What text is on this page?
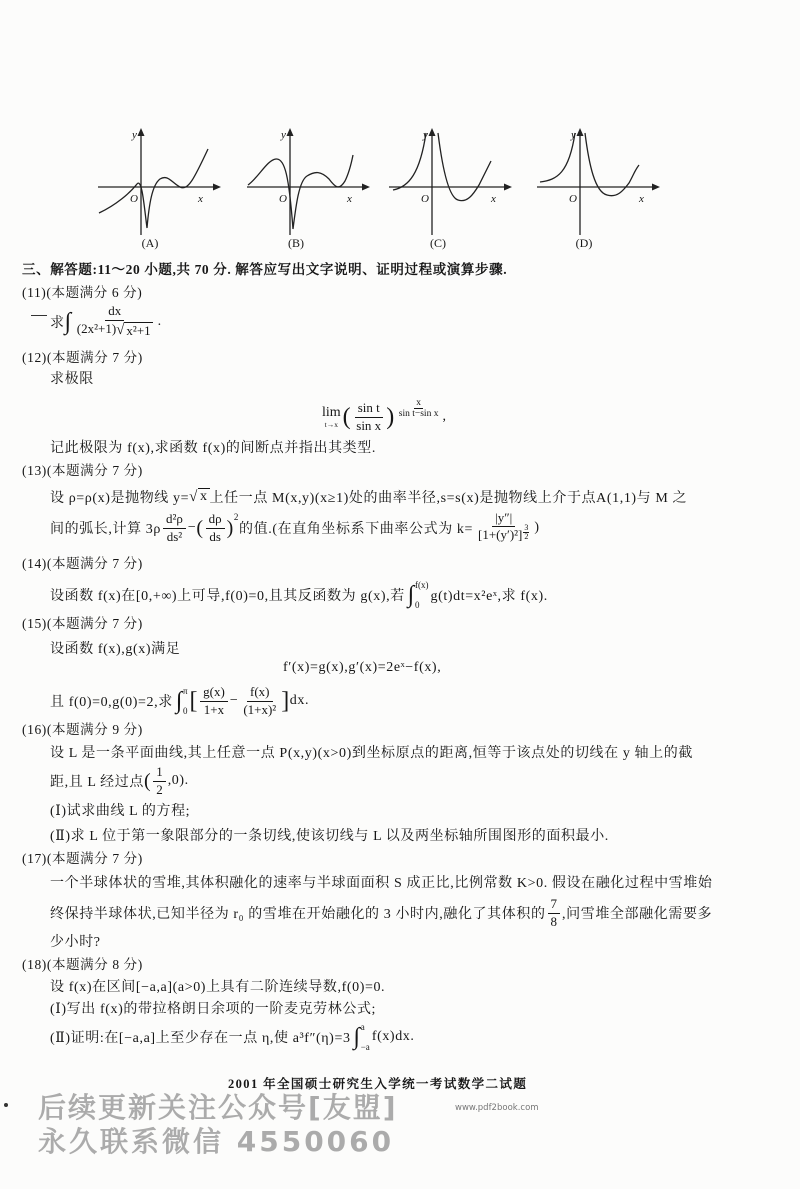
y
x
O
(A)
y
x
O
(B)
y
x
O
(C)
y
x
O
(D)
三、解答题:11～20 小题,共 70 分. 解答应写出文字说明、证明过程或演算步骤.
(11)(本题满分 6 分)
求 ∫ $\frac{dx}{\text{(2x²+1) √ x²+1}}$ .
(12)(本题满分 7 分)
求极限
lim
t→x ( $\frac{\text{sin t}}{\text{sin x}}$ ) $\frac{x}{\text{sin t−sin x}}$ ,
记此极限为 f(x),求函数 f(x)的间断点并指出其类型.
(13)(本题满分 7 分)
设 ρ=ρ(x)是抛物线 y= √ x 上任一点 M(x,y)(x≥1)处的曲率半径,s=s(x)是抛物线上介于点A(1,1)与 M 之
间的弧长,计算 $3\rho \frac{\text{d²ρ}}{\text{ds²}}$ − ( $\frac{d\rho}{ds}$ ) 2
的值.(在直角坐标系下曲率公式为 $k= \frac{|y''|}{[1+(y')^2] \frac{3}{2}}$ )
(14)(本题满分 7 分)
设函数 f(x)在[0,+∞)上可导,f(0)=0,且其反函数为 g(x),若 ∫ f(x)
0
g(t)dt=x²eˣ,求 f(x).
(15)(本题满分 7 分)
设函数 f(x),g(x)满足
f′(x)=g(x),g′(x)=2eˣ−f(x),
且 f(0)=0,g(0)=2,求 ∫ π
0 [ $\frac{g(x)}{1+x} - \frac{f(x)}{\text{(1+x)²}}$ ] dx.
(16)(本题满分 9 分)
设 L 是一条平面曲线,其上任意一点 P(x,y)(x>0)到坐标原点的距离,恒等于该点处的切线在 y 轴上的截
距,且 L 经过点 ( $\frac{1}{2} ,0$).
(Ⅰ)试求曲线 L 的方程;
(Ⅱ)求 L 位于第一象限部分的一条切线,使该切线与 L 以及两坐标轴所围图形的面积最小.
(17)(本题满分 7 分)
一个半球体状的雪堆,其体积融化的速率与半球面面积 S 成正比,比例常数 K>0. 假设在融化过程中雪堆始
终保持半球体状,已知半径为 r₀ 的雪堆在开始融化的 3 小时内,融化了其体积的 $\frac{7}{8}$ ,问雪堆全部融化需要多
少小时?
(18)(本题满分 8 分)
设 f(x)在区间[−a,a](a>0)上具有二阶连续导数,f(0)=0.
(Ⅰ)写出 f(x)的带拉格朗日余项的一阶麦克劳林公式;
(Ⅱ)证明:在[−a,a]上至少存在一点 η,使 a³f″(η)=3 ∫ a
−a
f(x)dx.
2001 年全国硕士研究生入学统一考试数学二试题
后续更新关注公众号[友盟]
永久联系微信 4550060
www.pdf2book.com
